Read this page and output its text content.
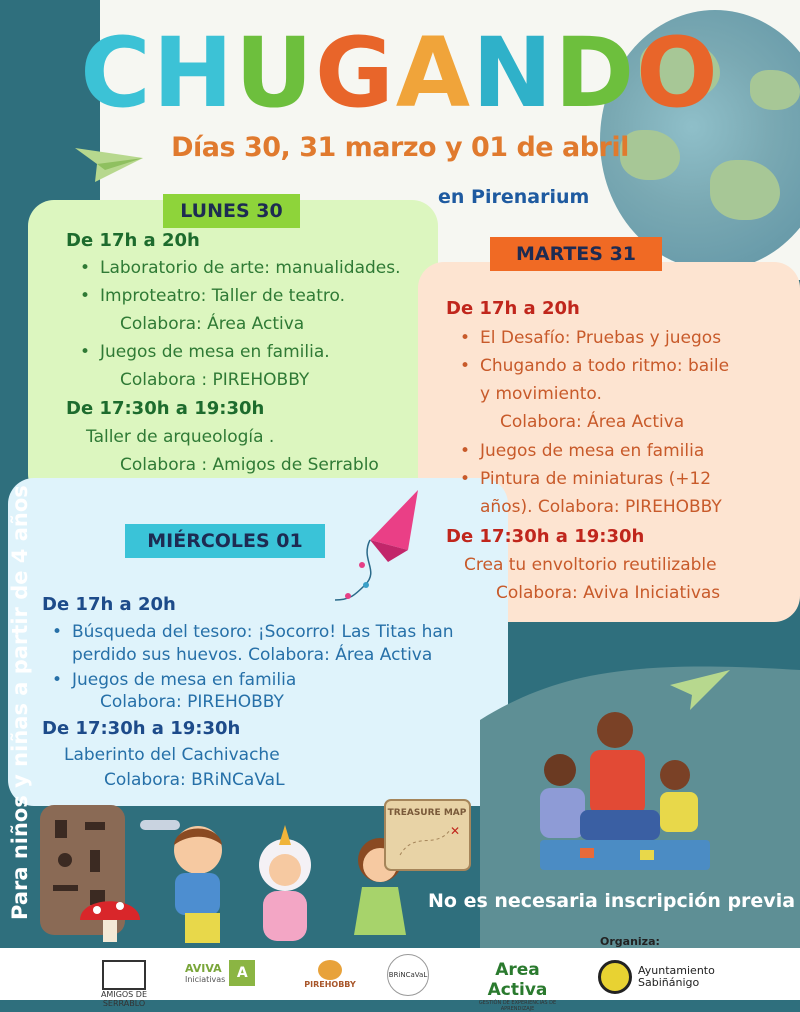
CHUGANDO
Días 30, 31 marzo y 01 de abril
en Pirenarium
LUNES 30
MARTES 31
MIÉRCOLES 01
De 17h a 20h
• Laboratorio de arte: manualidades.
• Improteatro: Taller de teatro.
Colabora: Área Activa
• Juegos de mesa en familia.
Colabora : PIREHOBBY
De 17:30h a 19:30h
Taller de arqueología .
Colabora : Amigos de Serrablo
De 17h a 20h
• El Desafío: Pruebas y juegos
• Chugando a todo ritmo: baile
y movimiento.
Colabora: Área Activa
• Juegos de mesa en familia
• Pintura de miniaturas (+12
años). Colabora: PIREHOBBY
De 17:30h a 19:30h
Crea tu envoltorio reutilizable
Colabora: Aviva Iniciativas
De 17h a 20h
• Búsqueda del tesoro: ¡Socorro! Las Titas han
perdido sus huevos. Colabora: Área Activa
• Juegos de mesa en familia
Colabora: PIREHOBBY
De 17:30h a 19:30h
Laberinto del Cachivache
Colabora: BRiNCaVaL
TREASURE MAP
✕
Para niños y niñas a partir de 4 años	No es necesaria inscripción previa
Organiza:
AMIGOS DE SERRABLO
AVIVA
Iniciativas A
PIREHOBBY
BRiNCaVaL	Area Activa
GESTIÓN DE EXPERIENCIAS DE APRENDIZAJE
Ayuntamiento
Sabiñánigo
